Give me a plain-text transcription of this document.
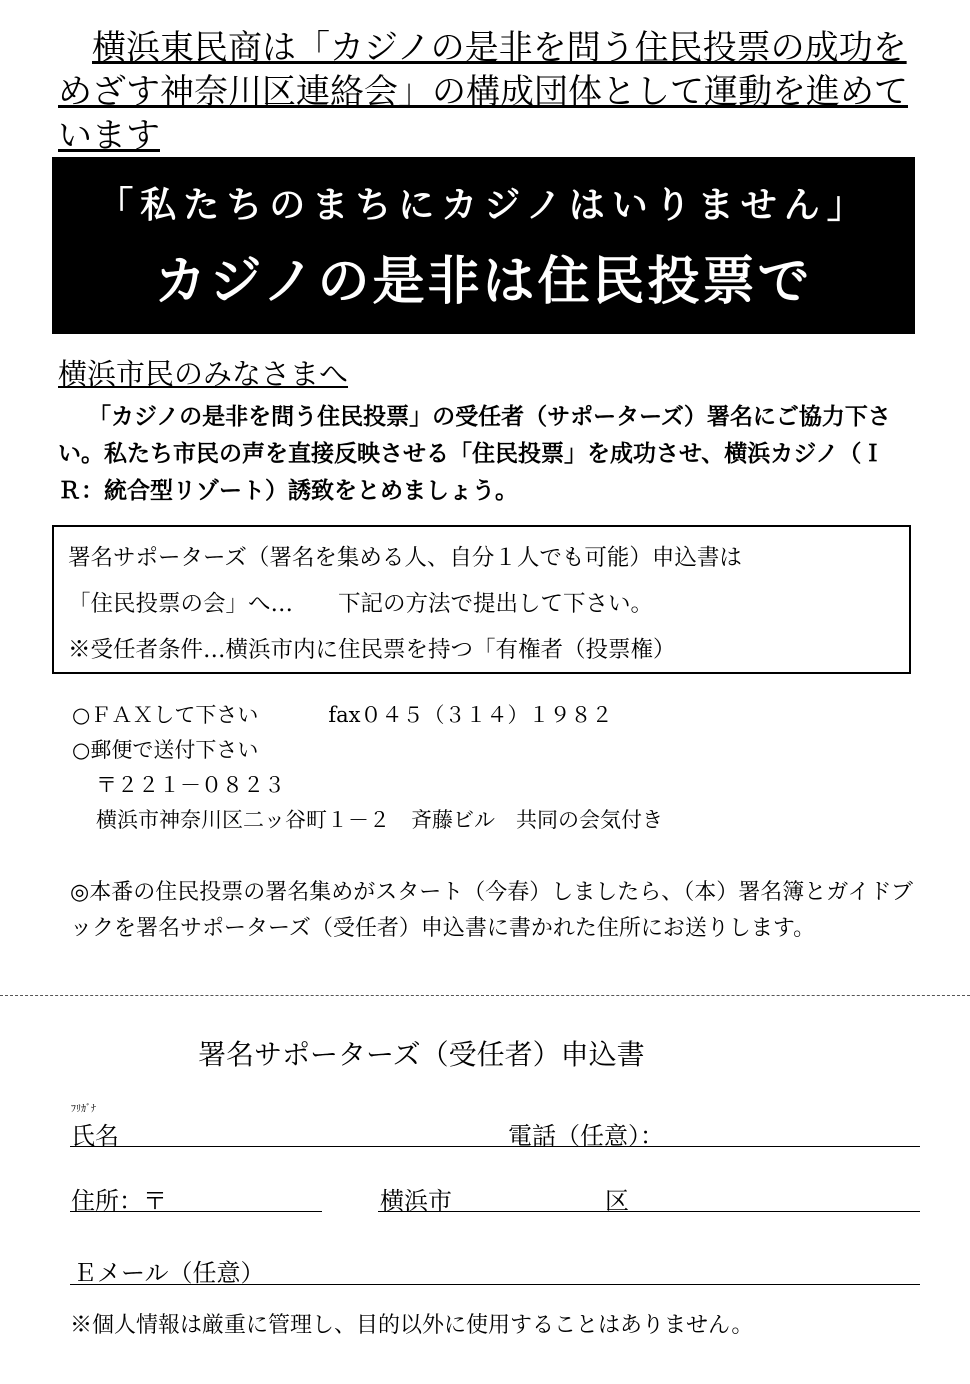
横浜東民商は「カジノの是非を問う住民投票の成功をめざす神奈川区連絡会」の構成団体として運動を進めています

「私たちのまちにカジノはいりません」
カジノの是非は住民投票で
横浜市民のみなさまへ

「カジノの是非を問う住民投票」の受任者（サポーターズ）署名にご協力下さい。私たち市民の声を直接反映させる「住民投票」を成功させ、横浜カジノ（ＩＲ：統合型リゾート）誘致をとめましょう。

署名サポーターズ（署名を集める人、自分１人でも可能）申込書は
「住民投票の会」へ…　　下記の方法で提出して下さい。
※受任者条件…横浜市内に住民票を持つ「有権者（投票権）
○ＦＡＸして下さい	fax０４５（３１４）１９８２
○郵便で送付下さい
〒２２１－０８２３
横浜市神奈川区二ッ谷町１－２　斉藤ビル　共同の会気付き

◎本番の住民投票の署名集めがスタート（今春）しましたら、（本）署名簿とガイドブックを署名サポーターズ（受任者）申込書に書かれた住所にお送りします。

署名サポーターズ（受任者）申込書
ﾌﾘｶﾞﾅ
氏名	電話（任意）：
住所：〒	横浜市	区
Ｅメール（任意）

※個人情報は厳重に管理し、目的以外に使用することはありません。
